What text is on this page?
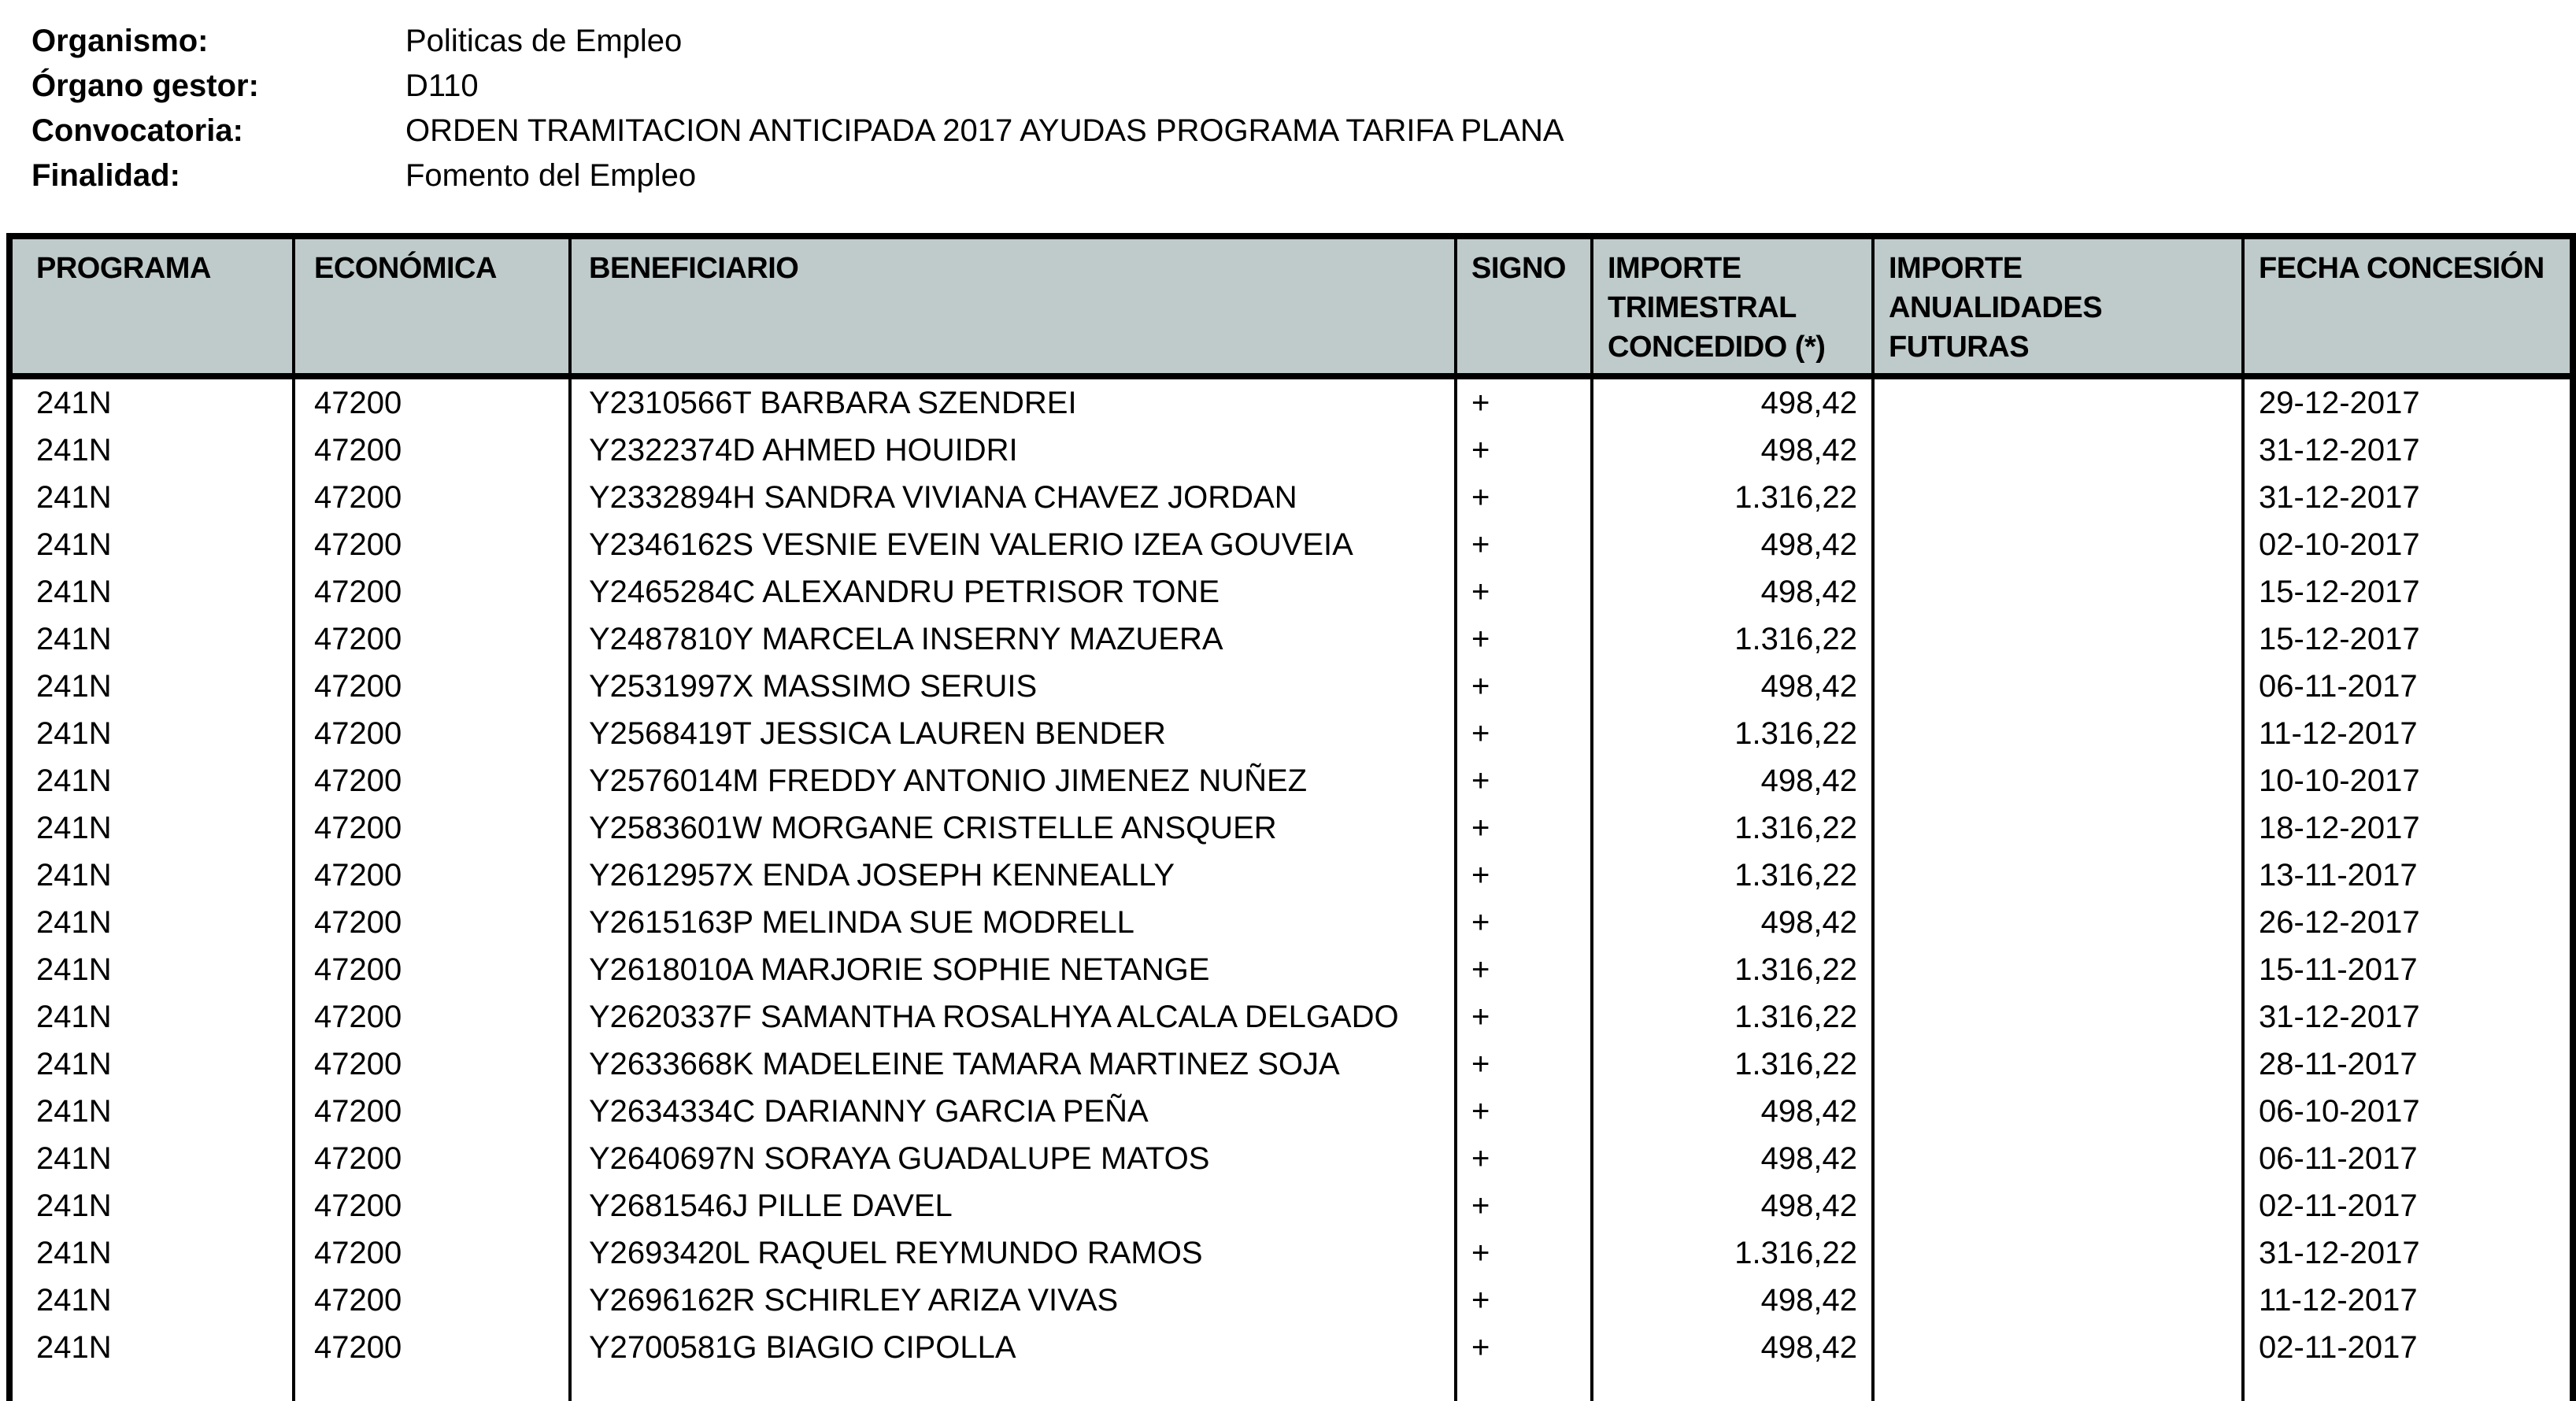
Organismo:	Politicas de Empleo
Órgano gestor:	D110
Convocatoria:	ORDEN TRAMITACION ANTICIPADA 2017 AYUDAS PROGRAMA TARIFA PLANA
Finalidad:	Fomento del Empleo
PROGRAMA	ECONÓMICA	BENEFICIARIO	SIGNO	IMPORTE TRIMESTRAL CONCEDIDO (*)	IMPORTE ANUALIDADES FUTURAS	FECHA CONCESIÓN
241N	47200	Y2310566T BARBARA SZENDREI	+	498,42		29-12-2017
241N	47200	Y2322374D AHMED HOUIDRI	+	498,42		31-12-2017
241N	47200	Y2332894H SANDRA VIVIANA CHAVEZ JORDAN	+	1.316,22		31-12-2017
241N	47200	Y2346162S VESNIE EVEIN VALERIO IZEA GOUVEIA	+	498,42		02-10-2017
241N	47200	Y2465284C ALEXANDRU PETRISOR TONE	+	498,42		15-12-2017
241N	47200	Y2487810Y MARCELA INSERNY MAZUERA	+	1.316,22		15-12-2017
241N	47200	Y2531997X MASSIMO SERUIS	+	498,42		06-11-2017
241N	47200	Y2568419T JESSICA LAUREN BENDER	+	1.316,22		11-12-2017
241N	47200	Y2576014M FREDDY ANTONIO JIMENEZ NUÑEZ	+	498,42		10-10-2017
241N	47200	Y2583601W MORGANE CRISTELLE ANSQUER	+	1.316,22		18-12-2017
241N	47200	Y2612957X ENDA JOSEPH KENNEALLY	+	1.316,22		13-11-2017
241N	47200	Y2615163P MELINDA SUE MODRELL	+	498,42		26-12-2017
241N	47200	Y2618010A MARJORIE SOPHIE NETANGE	+	1.316,22		15-11-2017
241N	47200	Y2620337F SAMANTHA ROSALHYA ALCALA DELGADO	+	1.316,22		31-12-2017
241N	47200	Y2633668K MADELEINE TAMARA MARTINEZ SOJA	+	1.316,22		28-11-2017
241N	47200	Y2634334C DARIANNY GARCIA PEÑA	+	498,42		06-10-2017
241N	47200	Y2640697N SORAYA GUADALUPE MATOS	+	498,42		06-11-2017
241N	47200	Y2681546J PILLE DAVEL	+	498,42		02-11-2017
241N	47200	Y2693420L RAQUEL REYMUNDO RAMOS	+	1.316,22		31-12-2017
241N	47200	Y2696162R SCHIRLEY ARIZA VIVAS	+	498,42		11-12-2017
241N	47200	Y2700581G BIAGIO CIPOLLA	+	498,42		02-11-2017
